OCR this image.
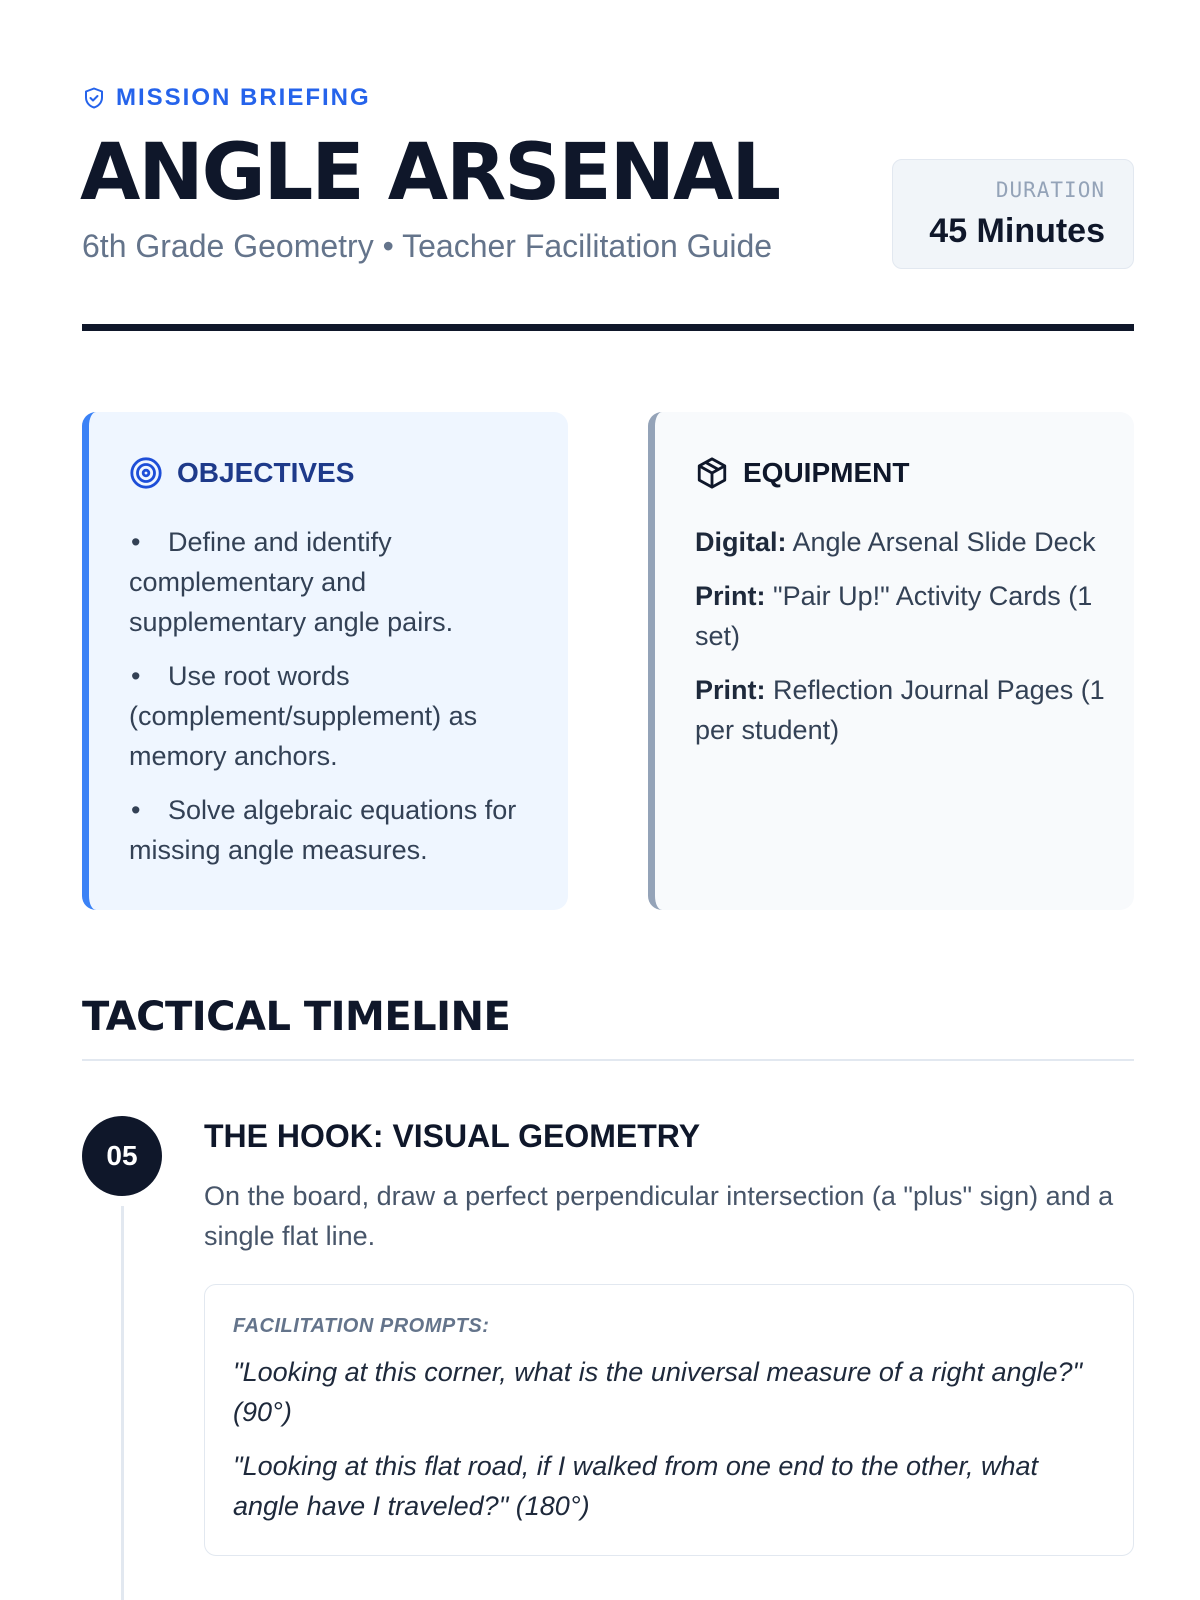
MISSION BRIEFING
ANGLE ARSENAL
6th Grade Geometry • Teacher Facilitation Guide
DURATION
45 Minutes
OBJECTIVES
• Define and identify complementary and supplementary angle pairs.
• Use root words (complement/supplement) as memory anchors.
• Solve algebraic equations for missing angle measures.
EQUIPMENT
Digital: Angle Arsenal Slide Deck
Print: "Pair Up!" Activity Cards (1 set)
Print: Reflection Journal Pages (1 per student)
TACTICAL TIMELINE
05
THE HOOK: VISUAL GEOMETRY
On the board, draw a perfect perpendicular intersection (a "plus" sign) and a single flat line.
FACILITATION PROMPTS:
"Looking at this corner, what is the universal measure of a right angle?" (90°)
"Looking at this flat road, if I walked from one end to the other, what angle have I traveled?" (180°)
